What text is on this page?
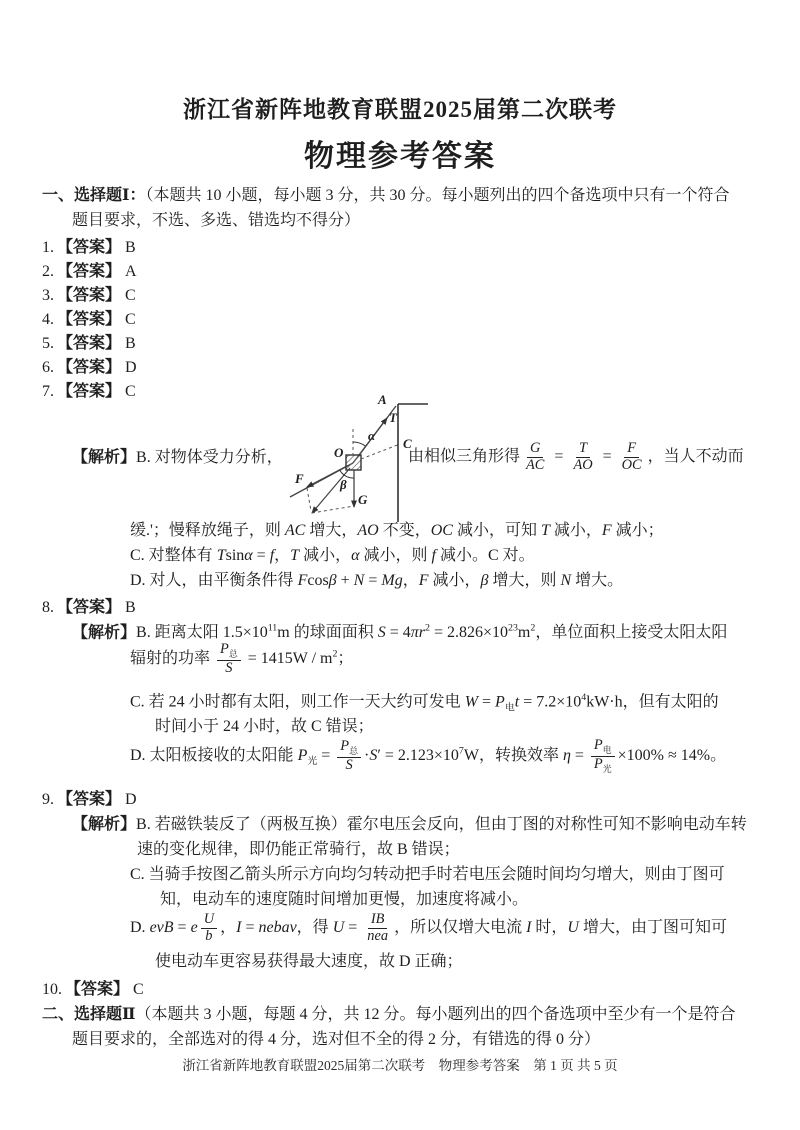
浙江省新阵地教育联盟2025届第二次联考
物理参考答案
一、选择题Ⅰ：（本题共 10 小题，每小题 3 分，共 30 分。每小题列出的四个备选项中只有一个符合
题目要求，不选、多选、错选均不得分）
1. 【答案】 B
2. 【答案】 A
3. 【答案】 C
4. 【答案】 C
5. 【答案】 B
6. 【答案】 D
7. 【答案】 C
【解析】B. 对物体受力分析，
A
T
C
O
α
β
F
G
由相似三角形得 $\frac{G}{AC} = \frac{T}{AO} = \frac{F}{OC}$ ，当人不动而
缓.'；慢释放绳子，则 AC 增大，AO 不变，OC 减小，可知 T 减小，F 减小；
C. 对整体有 Tsinα = f，T 减小，α 减小，则 f 减小。C 对。
D. 对人，由平衡条件得 Fcosβ + N = Mg，F 减小，β 增大，则 N 增大。
8. 【答案】 B
【解析】B. 距离太阳 $1.5\times 10^{11}m$ 的球面面积 $S = 4\pi r^2 = 2.826\times 10^{23}m^2$，单位面积上接受太阳太阳
辐射的功率 $\frac{P_总}{S} = 1415W / m^2$；
C. 若 24 小时都有太阳，则工作一天大约可发电 $W = P_电t = 7.2\times 10^4kW\cdot h$，但有太阳的
时间小于 24 小时，故 C 错误；
D. 太阳板接收的太阳能 $P_光 = \frac{P_总}{S} \cdot S' = 2.123\times 10^7W$，转换效率 $\eta = \frac{P_电}{P_光} \times 100\% \approx 14\%$。
9. 【答案】 D
【解析】B. 若磁铁装反了（两极互换）霍尔电压会反向，但由丁图的对称性可知不影响电动车转
速的变化规律，即仍能正常骑行，故 B 错误；
C. 当骑手按图乙箭头所示方向均匀转动把手时若电压会随时间均匀增大，则由丁图可
知，电动车的速度随时间增加更慢，加速度将减小。
D. evB = e $\frac{U}{b}$ ，I = nebav，得 $U = \frac{IB}{\text{nea}}$ ，所以仅增大电流 I 时，U 增大，由丁图可知可
使电动车更容易获得最大速度，故 D 正确；
10. 【答案】 C
二、选择题Ⅱ（本题共 3 小题，每题 4 分，共 12 分。每小题列出的四个备选项中至少有一个是符合
题目要求的，全部选对的得 4 分，选对但不全的得 2 分，有错选的得 0 分）
浙江省新阵地教育联盟2025届第二次联考　物理参考答案　第 1 页 共 5 页
